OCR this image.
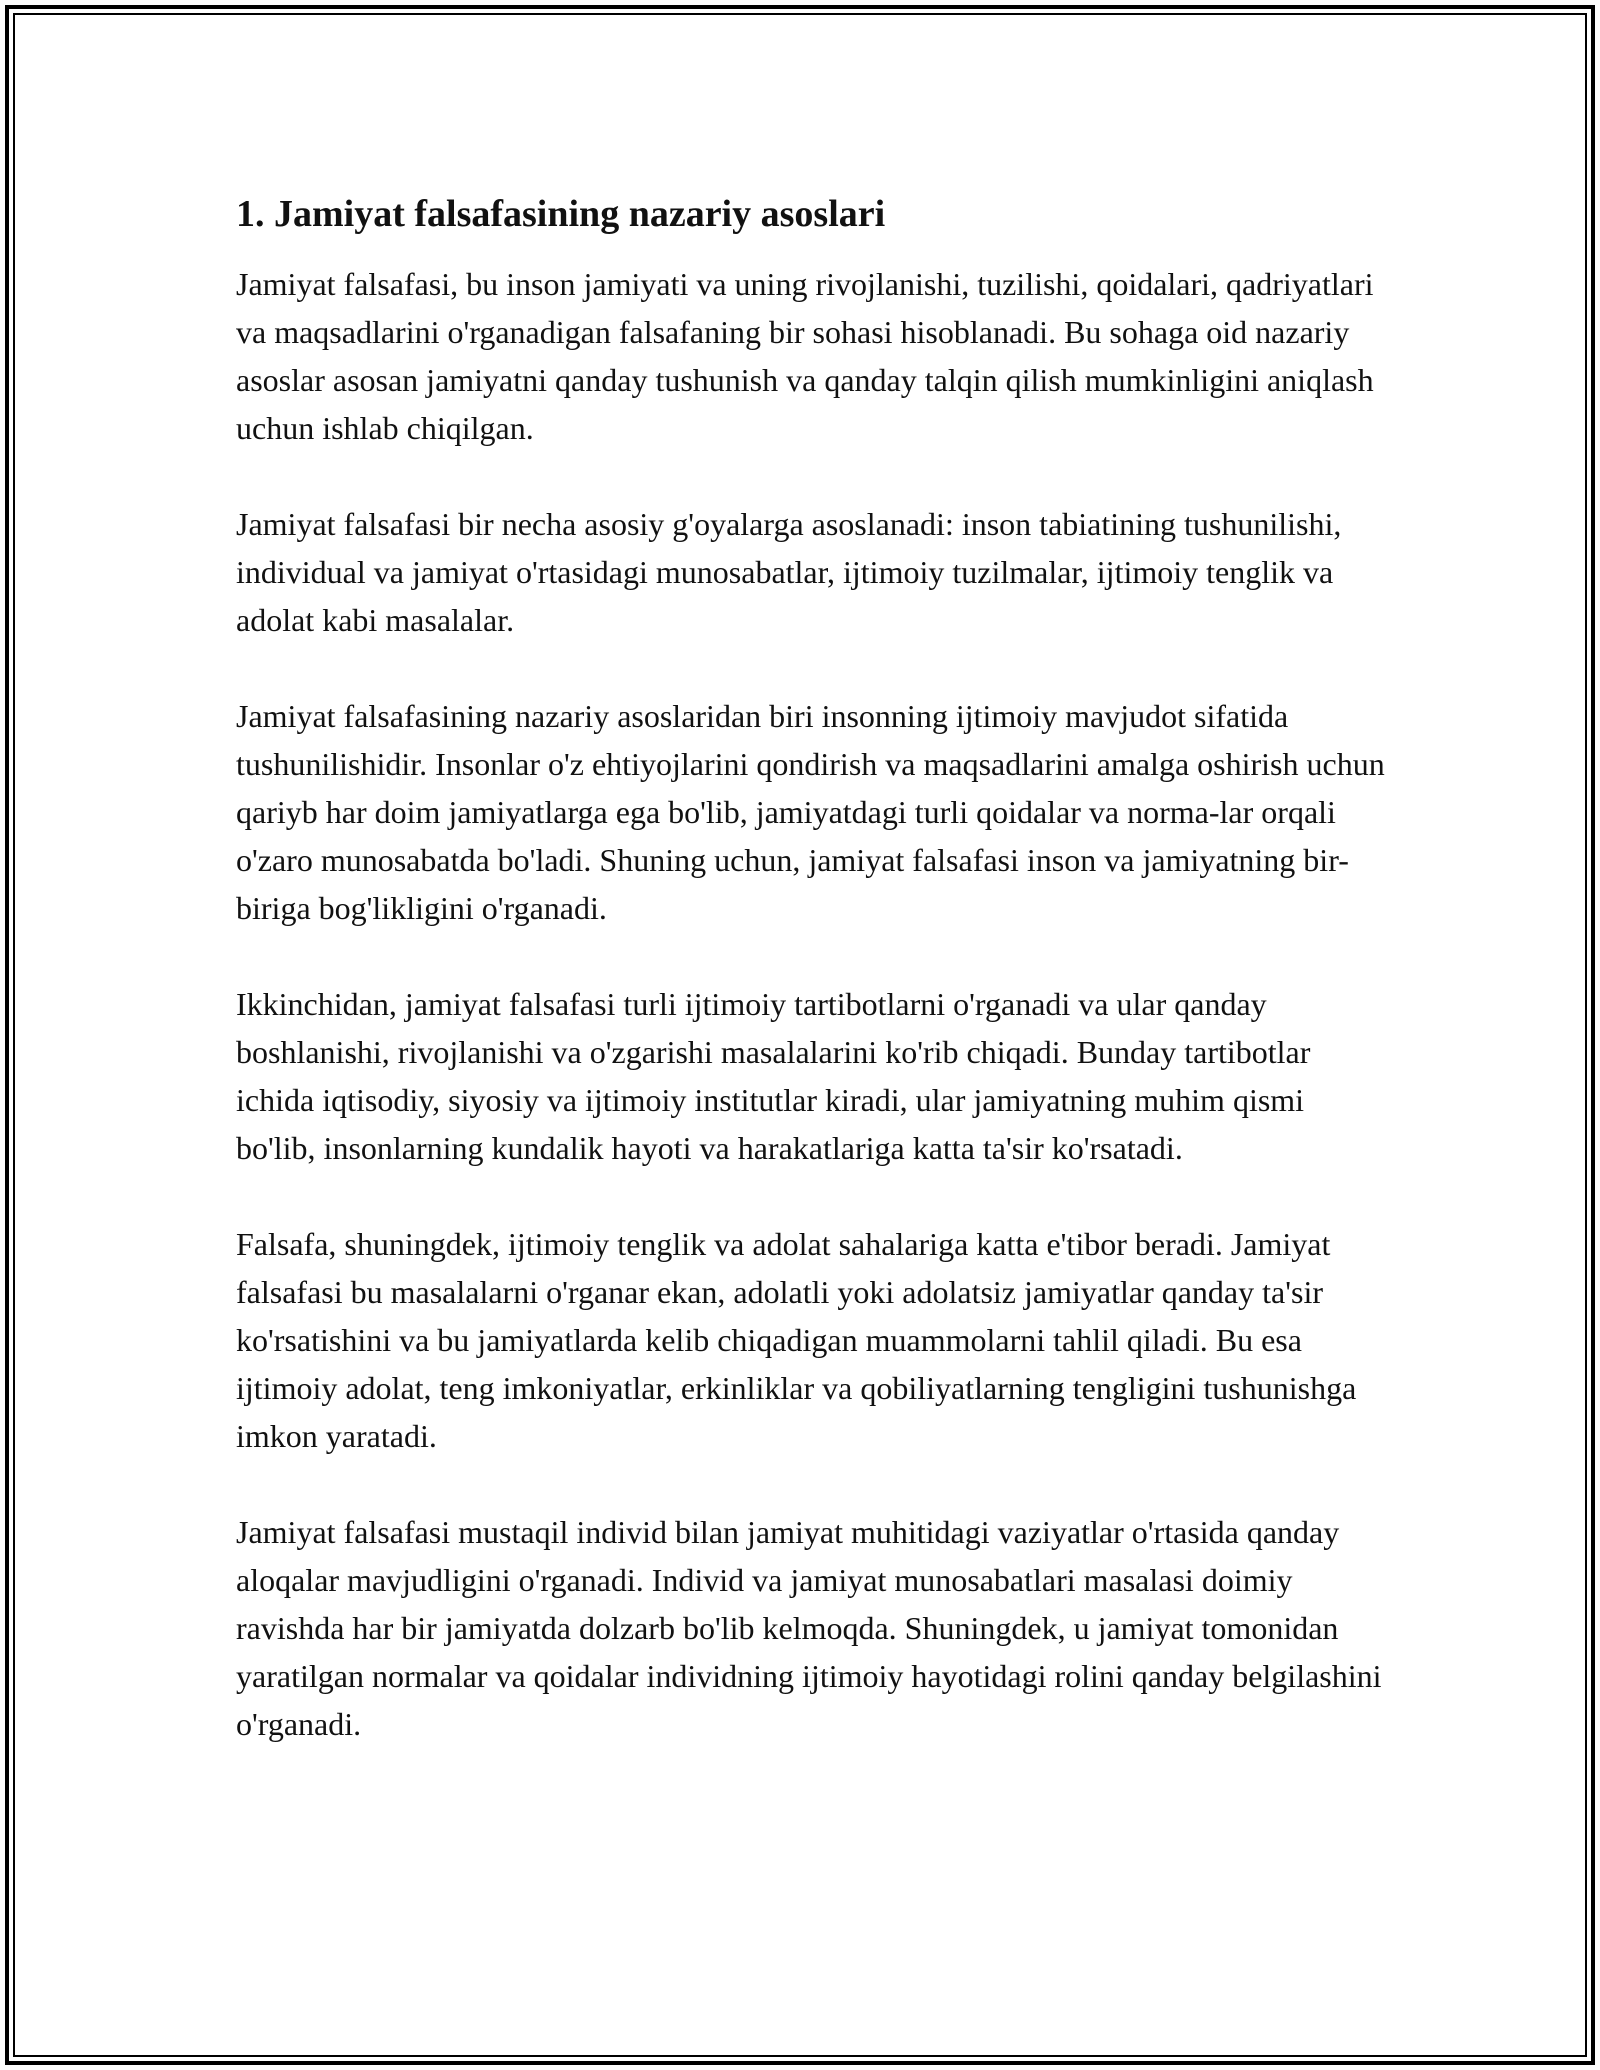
1. Jamiyat falsafasining nazariy asoslari

Jamiyat falsafasi, bu inson jamiyati va uning rivojlanishi, tuzilishi, qoidalari, qadriyatlari va maqsadlarini o'rganadigan falsafaning bir sohasi hisoblanadi. Bu sohaga oid nazariy asoslar asosan jamiyatni qanday tushunish va qanday talqin qilish mumkinligini aniqlash uchun ishlab chiqilgan.

Jamiyat falsafasi bir necha asosiy g'oyalarga asoslanadi: inson tabiatining tushunilishi, individual va jamiyat o'rtasidagi munosabatlar, ijtimoiy tuzilmalar, ijtimoiy tenglik va adolat kabi masalalar.

Jamiyat falsafasining nazariy asoslaridan biri insonning ijtimoiy mavjudot sifatida tushunilishidir. Insonlar o'z ehtiyojlarini qondirish va maqsadlarini amalga oshirish uchun qariyb har doim jamiyatlarga ega bo'lib, jamiyatdagi turli qoidalar va norma-lar orqali o'zaro munosabatda bo'ladi. Shuning uchun, jamiyat falsafasi inson va jamiyatning bir-biriga bog'likligini o'rganadi.

Ikkinchidan, jamiyat falsafasi turli ijtimoiy tartibotlarni o'rganadi va ular qanday boshlanishi, rivojlanishi va o'zgarishi masalalarini ko'rib chiqadi. Bunday tartibotlar ichida iqtisodiy, siyosiy va ijtimoiy institutlar kiradi, ular jamiyatning muhim qismi bo'lib, insonlarning kundalik hayoti va harakatlariga katta ta'sir ko'rsatadi.

Falsafa, shuningdek, ijtimoiy tenglik va adolat sahalariga katta e'tibor beradi. Jamiyat falsafasi bu masalalarni o'rganar ekan, adolatli yoki adolatsiz jamiyatlar qanday ta'sir ko'rsatishini va bu jamiyatlarda kelib chiqadigan muammolarni tahlil qiladi. Bu esa ijtimoiy adolat, teng imkoniyatlar, erkinliklar va qobiliyatlarning tengligini tushunishga imkon yaratadi.

Jamiyat falsafasi mustaqil individ bilan jamiyat muhitidagi vaziyatlar o'rtasida qanday aloqalar mavjudligini o'rganadi. Individ va jamiyat munosabatlari masalasi doimiy ravishda har bir jamiyatda dolzarb bo'lib kelmoqda. Shuningdek, u jamiyat tomonidan yaratilgan normalar va qoidalar individning ijtimoiy hayotidagi rolini qanday belgilashini o'rganadi.
